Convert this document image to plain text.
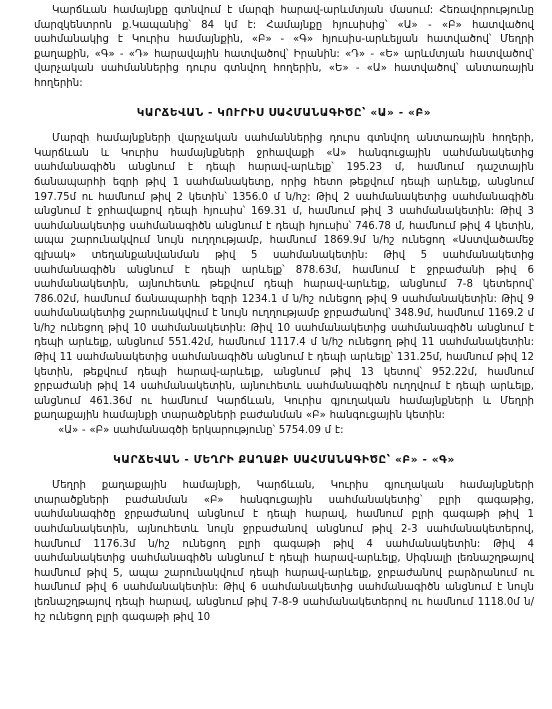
Կարճևան համայնքը գտնվում է մարզի հարավ-արևմտյան մասում: Հեռավորությունը մարզկենտրոն ք.Կապանից՝ 84 կմ է: Համայնքը հյուսիսից՝ «Ա» - «Բ» հատվածով սահմանակից է Կուրիս համայնքին, «Բ» - «Գ» հյուսիս-արևելյան հատվածով՝ Մեղրի քաղաքին, «Գ» - «Դ» հարավային հատվածով՝ Իրանին: «Դ» - «Ե» արևմտյան հատվածով՝ վարչական սահմաններից դուրս գտնվող հողերին, «Ե» - «Ա» հատվածով՝ անտառային հողերին:

ԿԱՐՃԵՎԱՆ - ԿՈՒՐԻՍ ՍԱՀՄԱՆԱԳԻԾԸ՝ «Ա» - «Բ»

Մարզի համայնքների վարչական սահմաններից դուրս գտնվող անտառային հողերի, Կարճևան և Կուրիս համայնքների ջրհավաքի «Ա» հանգուցային սահմանակետից սահմանագիծն անցնում է դեպի հարավ-արևելք՝ 195.23 մ, համնում դաշտային ճանապարհի եզրի թիվ 1 սահմանակետը, որից հետո թեքվում դեպի արևելք, անցնում 197.75մ ու համնում թիվ 2 կետին՝ 1356.0 մ ն/հշ: Թիվ 2 սահմանակետից սահմանագիծն անցնում է ջրհավաքով դեպի հյուսիս՝ 169.31 մ, համնում թիվ 3 սահմանակետին: Թիվ 3 սահմանակետից սահմանագիծն անցնում է դեպի հյուսիս՝ 746.78 մ, համնում թիվ 4 կետին, ապա շարունակվում նույն ուղղությամբ, համնում 1869.9մ ն/հշ ունեցող «Աստվածամեջ գլխակ» տեղանքանվանման թիվ 5 սահմանակետին: Թիվ 5 սահմանակետից սահմանագիծն անցնում է դեպի արևելք՝ 878.63մ, համնում է ջրբաժանի թիվ 6 սահմանակետին, այնուհետև թեքվում դեպի հարավ-արևելք, անցնում 7-8 կետերով՝ 786.02մ, համնում ճանապարհի եզրի 1234.1 մ ն/հշ ունեցող թիվ 9 սահմանակետին: Թիվ 9 սահմանակետից շարունակվում է նույն ուղղությամբ ջրբաժանով՝ 348.9մ, համնում 1169.2 մ ն/հշ ունեցող թիվ 10 սահմանակետին: Թիվ 10 սահմանակետից սահմանագիծն անցնում է դեպի արևելք, անցնում 551.42մ, համնում 1117.4 մ ն/հշ ունեցող թիվ 11 սահմանակետին: Թիվ 11 սահմանակետից սահմանագիծն անցնում է դեպի արևելք՝ 131.25մ, համնում թիվ 12 կետին, թեքվում դեպի հարավ-արևելք, անցնում թիվ 13 կետով՝ 952.22մ, համնում ջրբաժանի թիվ 14 սահմանակետին, այնուհետև սահմանագիծն ուղղվում է դեպի արևելք, անցնում 461.36մ ու համնում Կարճևան, Կուրիս գյուղական համայնքների և Մեղրի քաղաքային համայնքի տարածքների բաժանման «Բ» հանգուցային կետին:

«Ա» - «Բ» սահմանագծի երկարությունը՝ 5754.09 մ է:

ԿԱՐՃԵՎԱՆ - ՄԵՂՐԻ ՔԱՂԱՔԻ ՍԱՀՄԱՆԱԳԻԾԸ՝ «Բ» - «Գ»

Մեղրի քաղաքային համայնքի, Կարճևան, Կուրիս գյուղական համայնքների տարածքների բաժանման «Բ» հանգուցային սահմանակետից՝ բլրի գագաթից, սահմանագիծը ջրբաժանով անցնում է դեպի հարավ, համնում բլրի գագաթի թիվ 1 սահմանակետին, այնուհետև նույն ջրբաժանով անցնում թիվ 2-3 սահմանակետերով, համնում 1176.3մ ն/հշ ունեցող բլրի գագաթի թիվ 4 սահմանակետին: Թիվ 4 սահմանակետից սահմանագիծն անցնում է դեպի հարավ-արևելք, Սիգնալի լեռնաշղթայով համնում թիվ 5, ապա շարունակվում դեպի հարավ-արևելք, ջրբաժանով բարձրանում ու համնում թիվ 6 սահմանակետին: Թիվ 6 սահմանակետից սահմանագիծն անցնում է նույն լեռնաշղթայով դեպի հարավ, անցնում թիվ 7-8-9 սահմանակետերով ու համնում 1118.0մ ն/հշ ունեցող բլրի գագաթի թիվ 10
